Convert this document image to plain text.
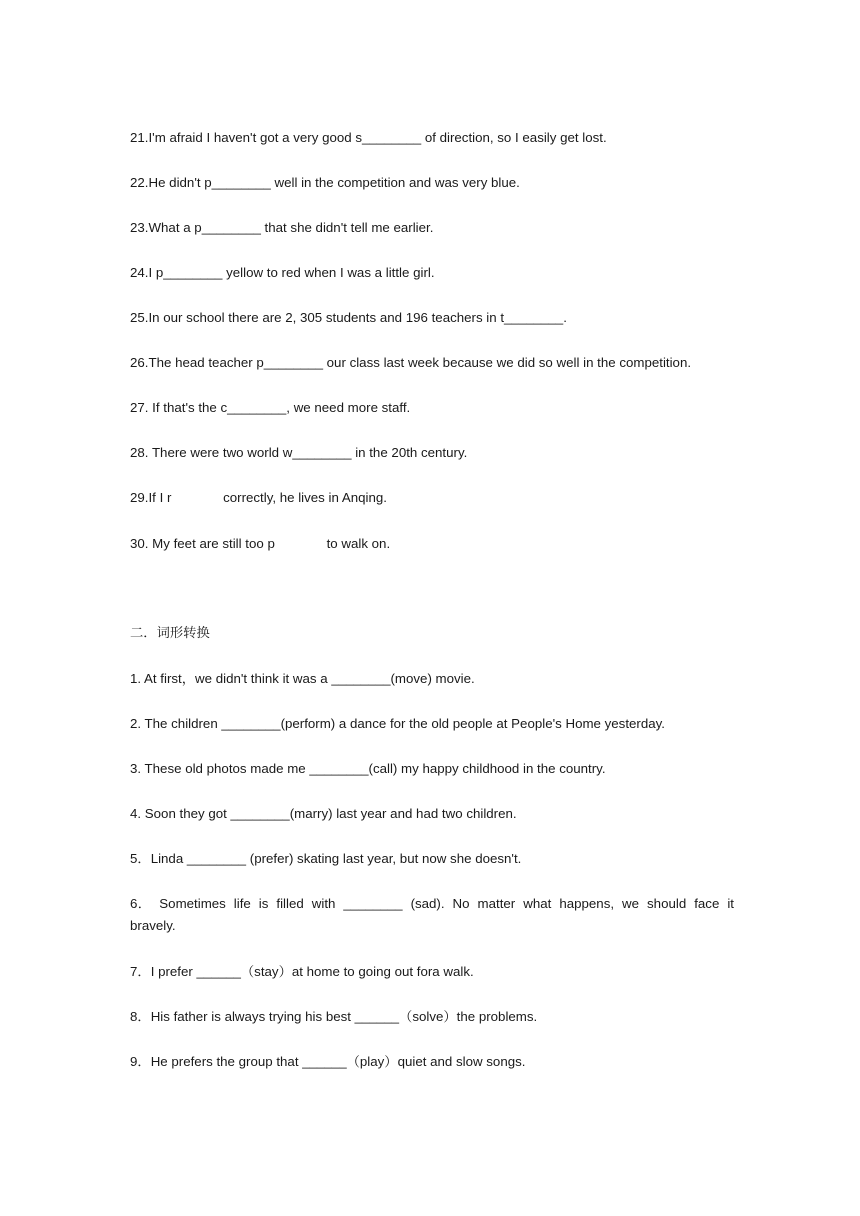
21.I'm afraid I haven't got a very good s________ of direction, so I easily get lost.
22.He didn't p________ well in the competition and was very blue.
23.What a p________ that she didn't tell me earlier.
24.I p________ yellow to red when I was a little girl.
25.In our school there are 2, 305 students and 196 teachers in t________.
26.The head teacher p________ our class last week because we did so well in the competition.
27. If that's the c________, we need more staff.
28. There were two world w________ in the 20th century.
29.If I r              correctly, he lives in Anqing.
30. My feet are still too p              to walk on.
二．词形转换
1. At first，we didn't think it was a ________(move) movie.
2. The children ________(perform) a dance for the old people at People's Home yesterday.
3. These old photos made me ________(call) my happy childhood in the country.
4. Soon they got ________(marry) last year and had two children.
5．Linda ________ (prefer) skating last year, but now she doesn't.
6． Sometimes life is filled with ________ (sad). No matter what happens, we should face it bravely.
7．I prefer ______（stay）at home to going out fora walk.
8．His father is always trying his best ______（solve）the problems.
9．He prefers the group that ______（play）quiet and slow songs.
